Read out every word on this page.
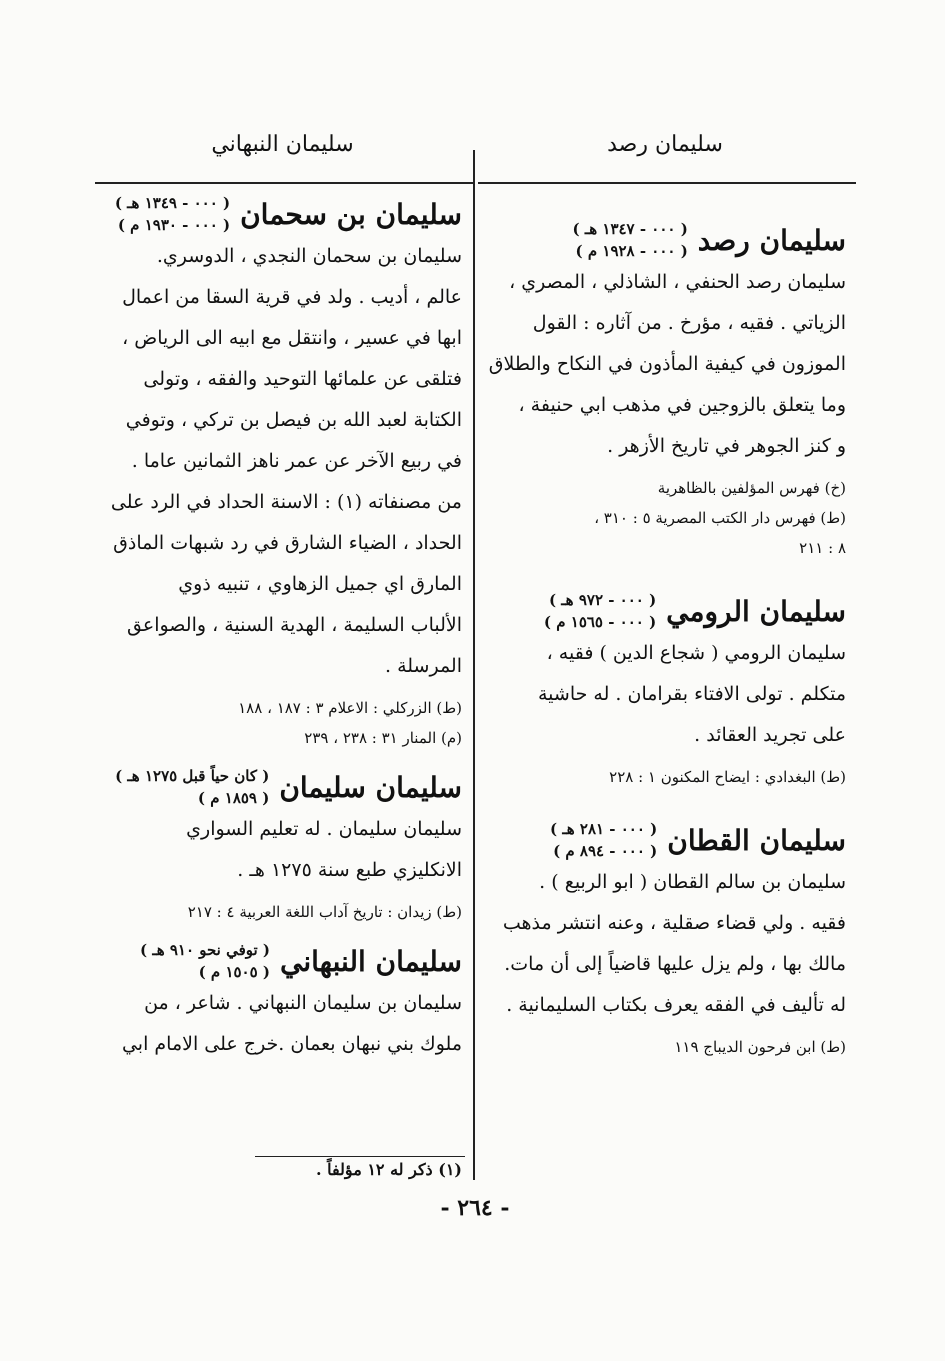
سليمان رصد
سليمان النبهاني
سليمان رصد
( ٠٠٠ - ١٣٤٧ هـ )
( ٠٠٠ - ١٩٢٨ م )

سليمان رصد الحنفي ، الشاذلي ، المصري ،

الزياتي . فقيه ، مؤرخ . من آثاره : القول

الموزون في كيفية المأذون في النكاح والطلاق

وما يتعلق بالزوجين في مذهب ابي حنيفة ،

و كنز الجوهر في تاريخ الأزهر .

(خ) فهرس المؤلفين بالظاهرية

(ط) فهرس دار الكتب المصرية ٥ : ٣١٠ ،

٨ : ٢١١

سليمان الرومي
( ٠٠٠ - ٩٧٢ هـ )
( ٠٠٠ - ١٥٦٥ م )

سليمان الرومي ( شجاع الدين ) فقيه ،

متكلم . تولى الافتاء بقرامان . له حاشية

على تجريد العقائد .

(ط) البغدادي : ايضاح المكنون ١ : ٢٢٨

سليمان القطان
( ٠٠٠ - ٢٨١ هـ )
( ٠٠٠ - ٨٩٤ م )

سليمان بن سالم القطان ( ابو الربيع ) .

فقيه . ولي قضاء صقلية ، وعنه انتشر مذهب

مالك بها ، ولم يزل عليها قاضياً إلى أن مات.

له تأليف في الفقه يعرف بكتاب السليمانية .

(ط) ابن فرحون الديباج ١١٩

سليمان بن سحمان
( ٠٠٠ - ١٣٤٩ هـ )
( ٠٠٠ - ١٩٣٠ م )

سليمان بن سحمان النجدي ، الدوسري.

عالم ، أديب . ولد في قرية السقا من اعمال

ابها في عسير ، وانتقل مع ابيه الى الرياض ،

فتلقى عن علمائها التوحيد والفقه ، وتولى

الكتابة لعبد الله بن فيصل بن تركي ، وتوفي

في ربيع الآخر عن عمر ناهز الثمانين عاما .

من مصنفاته (١) : الاسنة الحداد في الرد على

الحداد ، الضياء الشارق في رد شبهات الماذق

المارق اي جميل الزهاوي ، تنبيه ذوي

الألباب السليمة ، الهدية السنية ، والصواعق

المرسلة .

(ط) الزركلي : الاعلام ٣ : ١٨٧ ، ١٨٨

(م) المنار ٣١ : ٢٣٨ ، ٢٣٩

سليمان سليمان
( كان حياً قبل ١٢٧٥ هـ )
( ١٨٥٩ م )

سليمان سليمان . له تعليم السواري

الانكليزي طبع سنة ١٢٧٥ هـ .

(ط) زيدان : تاريخ آداب اللغة العربية ٤ : ٢١٧

سليمان النبهاني
( توفي نحو ٩١٠ هـ )
( ١٥٠٥ م )

سليمان بن سليمان النبهاني . شاعر ، من

ملوك بني نبهان بعمان .خرج على الامام ابي

(١) ذكر له ١٢ مؤلفاً .
- ٢٦٤ -
